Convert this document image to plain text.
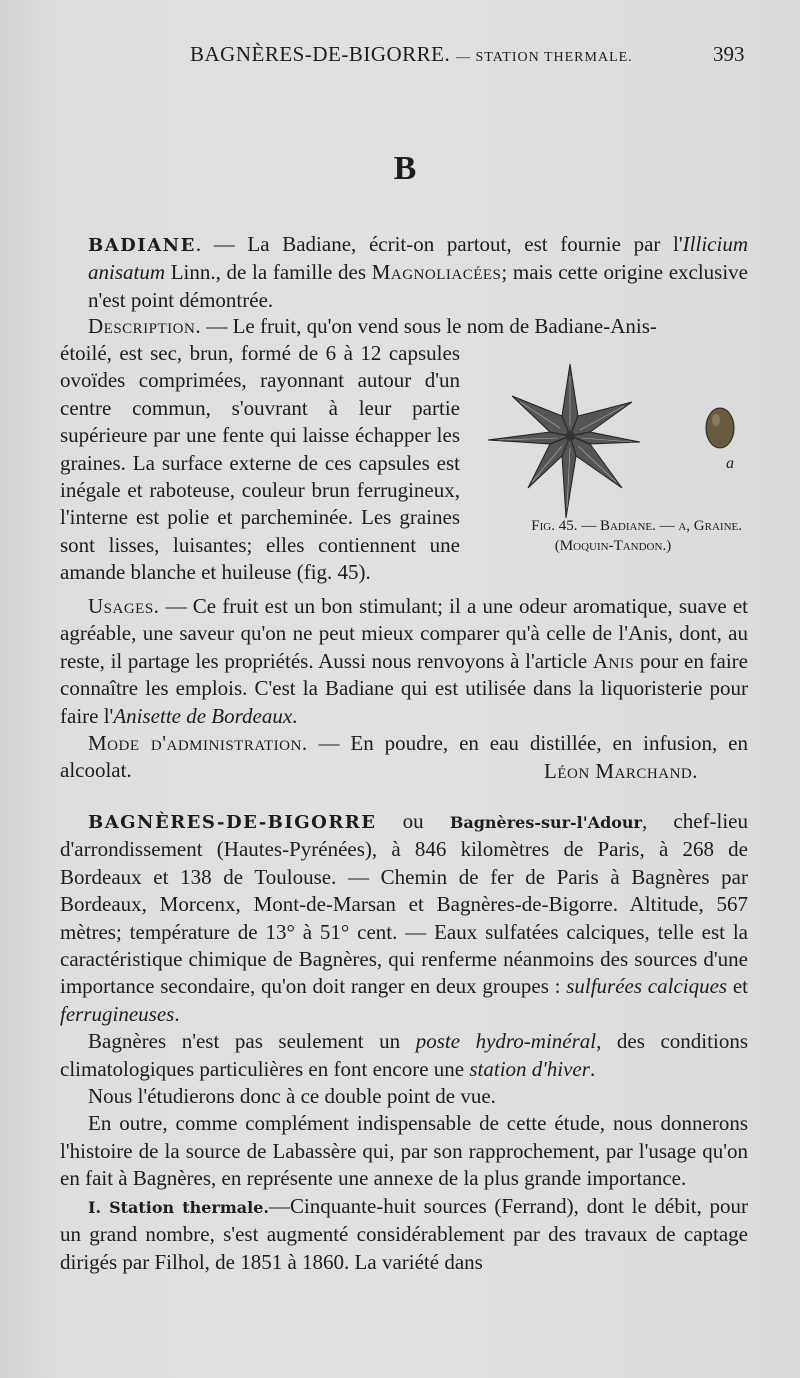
BAGNÈRES-DE-BIGORRE. — STATION THERMALE.	393
B

BADIANE. — La Badiane, écrit-on partout, est fournie par l'Illicium anisatum Linn., de la famille des Magnoliacées; mais cette origine exclusive n'est point démontrée.

Description. — Le fruit, qu'on vend sous le nom de Badiane-Anis-

étoilé, est sec, brun, formé de 6 à 12 capsules ovoïdes comprimées, rayonnant autour d'un centre commun, s'ouvrant à leur partie supérieure par une fente qui laisse échapper les graines. La surface externe de ces capsules est inégale et raboteuse, couleur brun ferrugineux, l'interne est polie et parcheminée. Les graines sont lisses, luisantes; elles contiennent une amande blanche et huileuse (fig. 45).

a
Fig. 45. — Badiane. — a, Graine.
(Moquin-Tandon.)

Usages. — Ce fruit est un bon stimulant; il a une odeur aromatique, suave et agréable, une saveur qu'on ne peut mieux comparer qu'à celle de l'Anis, dont, au reste, il partage les propriétés. Aussi nous renvoyons à l'article Anis pour en faire connaître les emplois. C'est la Badiane qui est utilisée dans la liquoristerie pour faire l'Anisette de Bordeaux.

Mode d'administration. — En poudre, en eau distillée, en infusion, en alcoolat.	Léon Marchand.

BAGNÈRES-DE-BIGORRE ou Bagnères-sur-l'Adour, chef-lieu d'arrondissement (Hautes-Pyrénées), à 846 kilomètres de Paris, à 268 de Bordeaux et 138 de Toulouse. — Chemin de fer de Paris à Bagnères par Bordeaux, Morcenx, Mont-de-Marsan et Bagnères-de-Bigorre. Altitude, 567 mètres; température de 13° à 51° cent. — Eaux sulfatées calciques, telle est la caractéristique chimique de Bagnères, qui renferme néanmoins des sources d'une importance secondaire, qu'on doit ranger en deux groupes : sulfurées calciques et ferrugineuses.

Bagnères n'est pas seulement un poste hydro-minéral, des conditions climatologiques particulières en font encore une station d'hiver.

Nous l'étudierons donc à ce double point de vue.

En outre, comme complément indispensable de cette étude, nous donnerons l'histoire de la source de Labassère qui, par son rapprochement, par l'usage qu'on en fait à Bagnères, en représente une annexe de la plus grande importance.

I. Station thermale.—Cinquante-huit sources (Ferrand), dont le débit, pour un grand nombre, s'est augmenté considérablement par des travaux de captage dirigés par Filhol, de 1851 à 1860. La variété dans
